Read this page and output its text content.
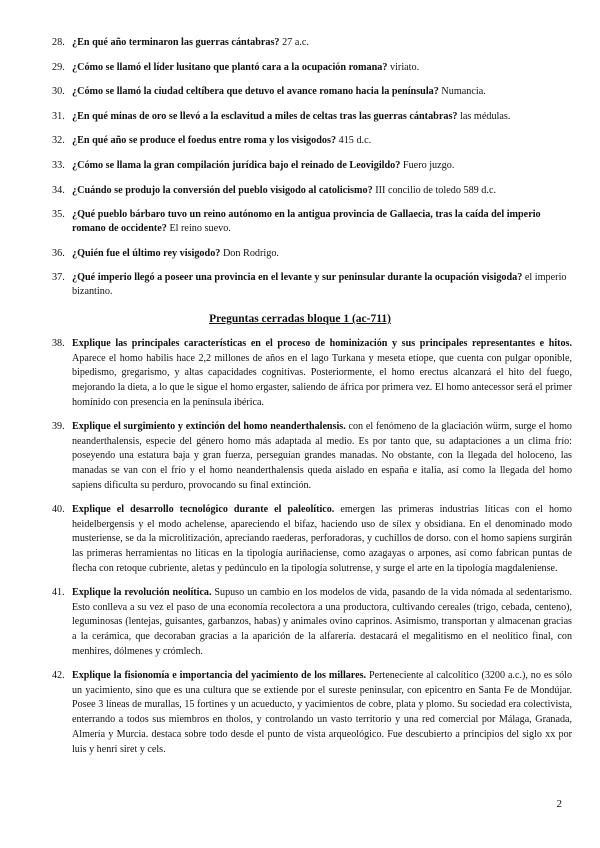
28. ¿En qué año terminaron las guerras cántabras? 27 a.c.
29. ¿Cómo se llamó el líder lusitano que plantó cara a la ocupación romana? viriato.
30. ¿Cómo se llamó la ciudad celtíbera que detuvo el avance romano hacia la península? Numancia.
31. ¿En qué minas de oro se llevó a la esclavitud a miles de celtas tras las guerras cántabras? las médulas.
32. ¿En qué año se produce el foedus entre roma y los visigodos? 415 d.c.
33. ¿Cómo se llama la gran compilación jurídica bajo el reinado de Leovigildo? Fuero juzgo.
34. ¿Cuándo se produjo la conversión del pueblo visigodo al catolicismo? III concilio de toledo 589 d.c.
35. ¿Qué pueblo bárbaro tuvo un reino autónomo en la antigua provincia de Gallaecia, tras la caída del imperio romano de occidente? El reino suevo.
36. ¿Quién fue el último rey visigodo? Don Rodrigo.
37. ¿Qué imperio llegó a poseer una provincia en el levante y sur peninsular durante la ocupación visigoda? el imperio bizantino.
Preguntas cerradas bloque 1 (ac-711)
38. Explique las principales características en el proceso de hominización y sus principales representantes e hitos. Aparece el homo habilis hace 2,2 millones de años en el lago Turkana y meseta etíope, que cuenta con pulgar oponible, bipedismo, gregarismo, y altas capacidades cognitivas. Posteriormente, el homo erectus alcanzará el hito del fuego, mejorando la dieta, a lo que le sigue el homo ergaster, saliendo de áfrica por primera vez. El homo antecessor será el primer homínido con presencia en la península ibérica.
39. Explique el surgimiento y extinción del homo neanderthalensis. con el fenómeno de la glaciación würm, surge el homo neanderthalensis, especie del género homo más adaptada al medio. Es por tanto que, su adaptaciones a un clima frío: poseyendo una estatura baja y gran fuerza, perseguían grandes manadas. No obstante, con la llegada del holoceno, las manadas se van con el frío y el homo neanderthalensis queda aislado en españa e italia, así como la llegada del homo sapiens dificulta su perduro, provocando su final extinción.
40. Explique el desarrollo tecnológico durante el paleolítico. emergen las primeras industrias líticas con el homo heidelbergensis y el modo achelense, apareciendo el bifaz, haciendo uso de sílex y obsidiana. En el denominado modo musteriense, se da la microlitización, apreciando raederas, perforadoras, y cuchillos de dorso. con el homo sapiens surgirán las primeras herramientas no líticas en la tipología auriñaciense, como azagayas o arpones, así como fabrican puntas de flecha con retoque cubriente, aletas y pedúnculo en la tipología solutrense, y surge el arte en la tipología magdaleniense.
41. Explique la revolución neolítica. Supuso un cambio en los modelos de vida, pasando de la vida nómada al sedentarismo. Esto conlleva a su vez el paso de una economía recolectora a una productora, cultivando cereales (trigo, cebada, centeno), leguminosas (lentejas, guisantes, garbanzos, habas) y animales ovino caprinos. Asimismo, transportan y almacenan gracias a la cerámica, que decoraban gracias a la aparición de la alfarería. destacará el megalitismo en el neolítico final, con menhires, dólmenes y crómlech.
42. Explique la fisionomía e importancia del yacimiento de los millares. Perteneciente al calcolítico (3200 a.c.), no es sólo un yacimiento, sino que es una cultura que se extiende por el sureste peninsular, con epicentro en Santa Fe de Mondújar. Posee 3 líneas de murallas, 15 fortines y un acueducto, y yacimientos de cobre, plata y plomo. Su sociedad era colectivista, enterrando a todos sus miembros en tholos, y controlando un vasto territorio y una red comercial por Málaga, Granada, Almería y Murcia. destaca sobre todo desde el punto de vista arqueológico. Fue descubierto a principios del siglo xx por luis y henri siret y cels.
2
